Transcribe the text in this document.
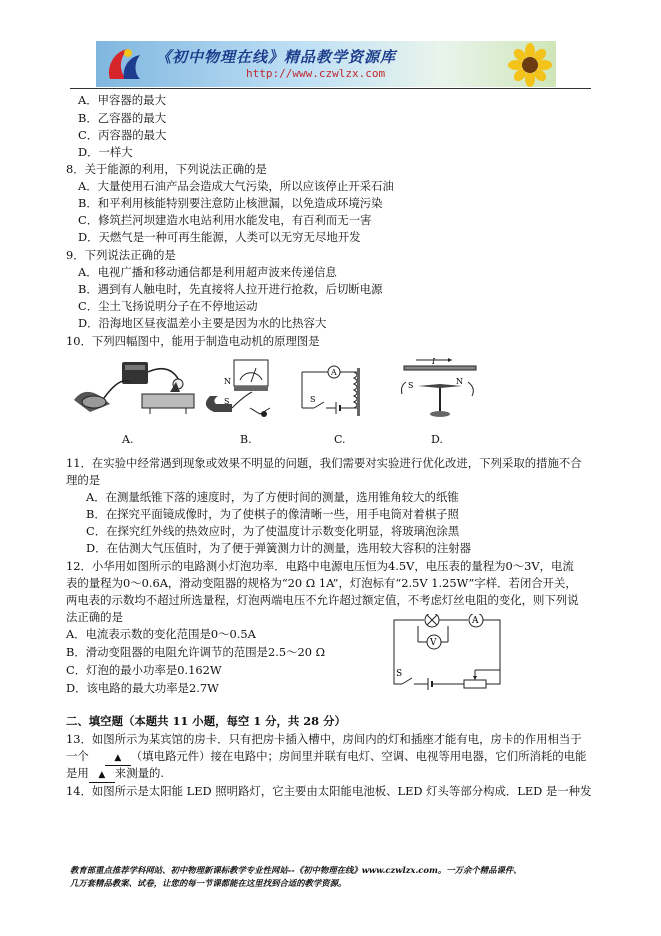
《初中物理在线》精品教学资源库
http://www.czwlzx.com
A．甲容器的最大
B．乙容器的最大
C．丙容器的最大
D．一样大
8．关于能源的利用，下列说法正确的是
A．大量使用石油产品会造成大气污染，所以应该停止开采石油
B．和平利用核能特别要注意防止核泄漏，以免造成环境污染
C．修筑拦河坝建造水电站利用水能发电，有百利而无一害
D．天燃气是一种可再生能源，人类可以无穷无尽地开发
9．下列说法正确的是
A．电视广播和移动通信都是利用超声波来传递信息
B．遇到有人触电时，先直接将人拉开进行抢救，后切断电源
C．尘土飞扬说明分子在不停地运动
D．沿海地区昼夜温差小主要是因为水的比热容大
10．下列四幅图中，能用于制造电动机的原理图是
A.
N
S
B.
A
S
C.
I
S	N
D.
11．在实验中经常遇到现象或效果不明显的问题，我们需要对实验进行优化改进，下列采取的措施不合
理的是
A．在测量纸锥下落的速度时，为了方便时间的测量，选用锥角较大的纸锥
B．在探究平面镜成像时，为了使棋子的像清晰一些，用手电筒对着棋子照
C．在探究红外线的热效应时，为了使温度计示数变化明显，将玻璃泡涂黑
D．在估测大气压值时，为了便于弹簧测力计的测量，选用较大容积的注射器
12．小华用如图所示的电路测小灯泡功率．电路中电源电压恒为4.5V，电压表的量程为0～3V，电流
表的量程为0～0.6A，滑动变阻器的规格为“20 Ω 1A”，灯泡标有“2.5V 1.25W”字样．若闭合开关，
两电表的示数均不超过所选量程，灯泡两端电压不允许超过额定值，不考虑灯丝电阻的变化，则下列说
法正确的是
A．电流表示数的变化范围是0～0.5A
B．滑动变阻器的电阻允许调节的范围是2.5～20 Ω
C．灯泡的最小功率是0.162W
D．该电路的最大功率是2.7W
A
V
S
二、填空题（本题共 11 小题，每空 1 分，共 28 分）
13．如图所示为某宾馆的房卡．只有把房卡插入槽中，房间内的灯和插座才能有电，房卡的作用相当于
一个	▲ （填电路元件）接在电路中；房间里并联有电灯、空调、电视等用电器，它们所消耗的电能
是用 ▲ 来测量的.
14．如图所示是太阳能 LED 照明路灯，它主要由太阳能电池板、LED 灯头等部分构成．LED 是一种发
教育部重点推荐学科网站、初中物理新课标教学专业性网站--《初中物理在线》www.czwlzx.com。一万余个精品课件、
几万套精品教案、试卷，让您的每一节课都能在这里找到合适的教学资源。
